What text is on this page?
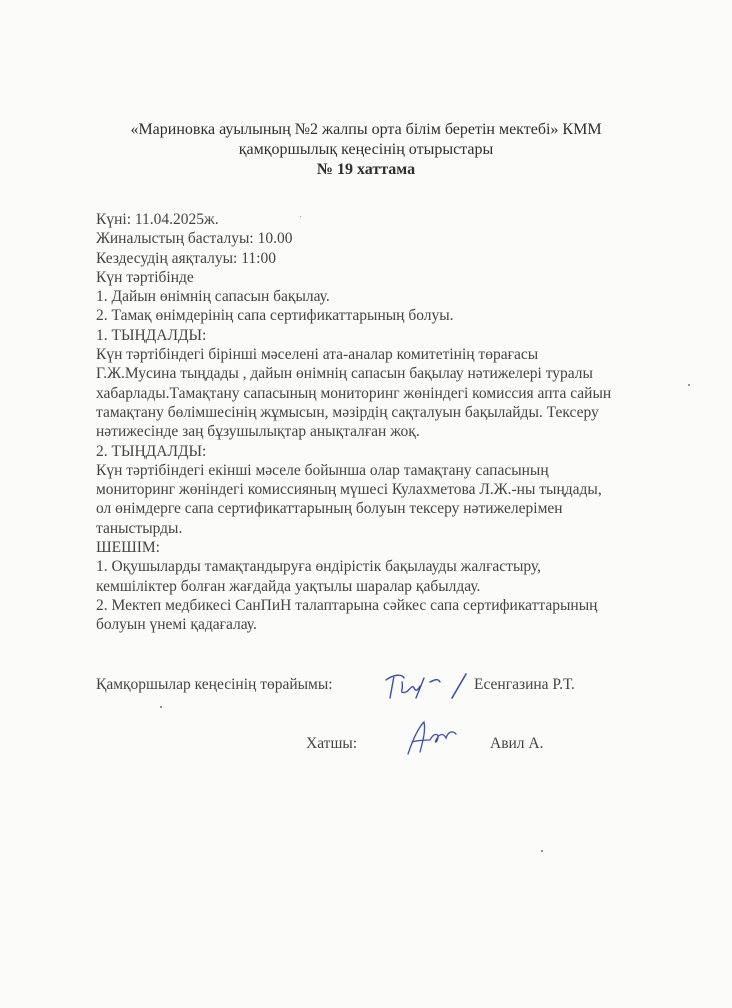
«Мариновка ауылының №2 жалпы орта білім беретін мектебі» КММ
қамқоршылық кеңесінің отырыстары
№ 19 хаттама
Күні: 11.04.2025ж.
Жиналыстың басталуы: 10.00
Кездесудің аяқталуы: 11:00
Күн тәртібінде
1. Дайын өнімнің сапасын бақылау.
2. Тамақ өнімдерінің сапа сертификаттарының болуы.
1. ТЫҢДАЛДЫ:
Күн тәртібіндегі бірінші мәселені ата-аналар комитетінің төрағасы
Г.Ж.Мусина тыңдады , дайын өнімнің сапасын бақылау нәтижелері туралы
хабарлады.Тамақтану сапасының мониторинг жөніндегі комиссия апта сайын
тамақтану бөлімшесінің жұмысын, мәзірдің сақталуын бақылайды. Тексеру
нәтижесінде заң бұзушылықтар анықталған жоқ.
2. ТЫҢДАЛДЫ:
Күн тәртібіндегі екінші мәселе бойынша олар тамақтану сапасының
мониторинг жөніндегі комиссияның мүшесі Кулахметова Л.Ж.-ны тыңдады,
ол өнімдерге сапа сертификаттарының болуын тексеру нәтижелерімен
таныстырды.
ШЕШІМ:
1. Оқушыларды тамақтандыруға өндірістік бақылауды жалғастыру,
кемшіліктер болған жағдайда уақтылы шаралар қабылдау.
2. Мектеп медбикесі СанПиН талаптарына сәйкес сапа сертификаттарының
болуын үнемі қадағалау.
Қамқоршылар кеңесінің төрайымы:	Есенгазина Р.Т.
Хатшы:	Авил А.
